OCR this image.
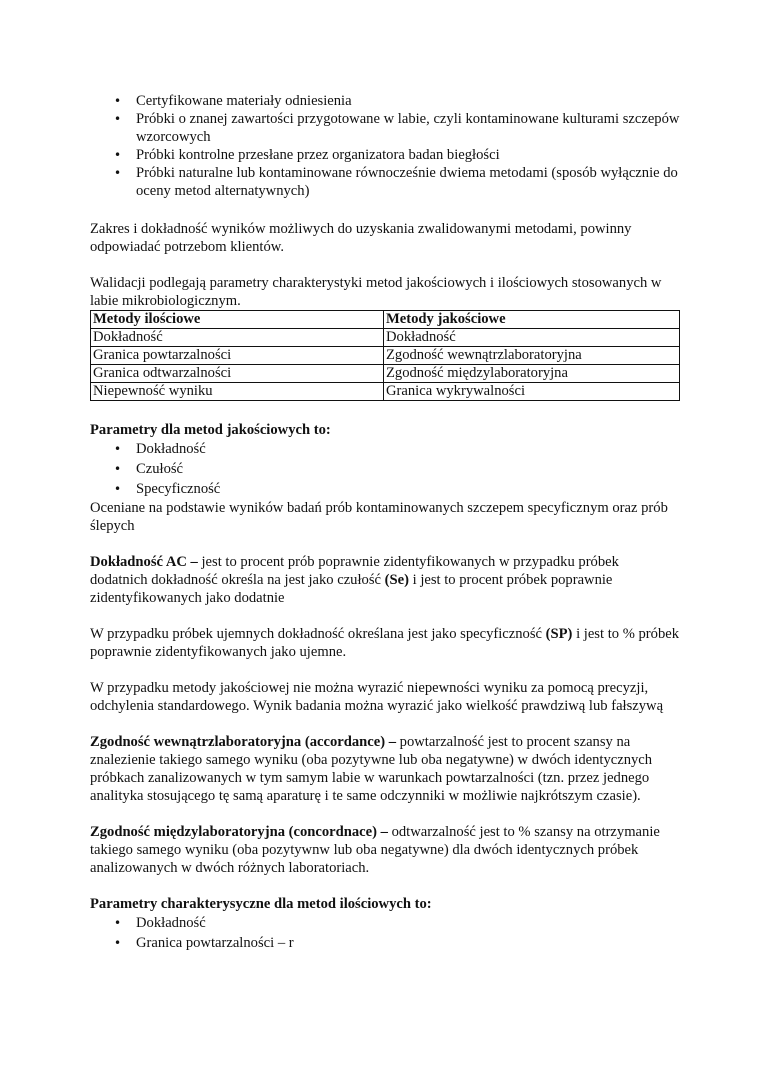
• Certyfikowane materiały odniesienia
• Próbki o znanej zawartości przygotowane w labie, czyli kontaminowane kulturami szczepów wzorcowych
• Próbki kontrolne przesłane przez organizatora badan biegłości
• Próbki naturalne lub kontaminowane równocześnie dwiema metodami (sposób wyłącznie do oceny metod alternatywnych)

Zakres i dokładność wyników możliwych do uzyskania zwalidowanymi metodami, powinny odpowiadać potrzebom klientów.

Walidacji podlegają parametry charakterystyki metod jakościowych i ilościowych stosowanych w labie mikrobiologicznym.

Metody ilościowe	Metody jakościowe
Dokładność	Dokładność
Granica powtarzalności	Zgodność wewnątrzlaboratoryjna
Granica odtwarzalności	Zgodność międzylaboratoryjna
Niepewność wyniku	Granica wykrywalności

Parametry dla metod jakościowych to:

• Dokładność
• Czułość
• Specyficzność

Oceniane na podstawie wyników badań prób kontaminowanych szczepem specyficznym oraz prób ślepych

Dokładność AC – jest to procent prób poprawnie zidentyfikowanych w przypadku próbek dodatnich dokładność określa na jest jako czułość (Se) i jest to procent próbek poprawnie zidentyfikowanych jako dodatnie

W przypadku próbek ujemnych dokładność określana jest jako specyficzność (SP) i jest to % próbek poprawnie zidentyfikowanych jako ujemne.

W przypadku metody jakościowej nie można wyrazić niepewności wyniku za pomocą precyzji, odchylenia standardowego. Wynik badania można wyrazić jako wielkość prawdziwą lub fałszywą

Zgodność wewnątrzlaboratoryjna (accordance) – powtarzalność jest to procent szansy na znalezienie takiego samego wyniku (oba pozytywne lub oba negatywne) w dwóch identycznych próbkach zanalizowanych w tym samym labie w warunkach powtarzalności (tzn. przez jednego analityka stosującego tę samą aparaturę i te same odczynniki w możliwie najkrótszym czasie).

Zgodność międzylaboratoryjna (concordnace) – odtwarzalność jest to % szansy na otrzymanie takiego samego wyniku (oba pozytywnw lub oba negatywne) dla dwóch identycznych próbek analizowanych w dwóch różnych laboratoriach.

Parametry charakterysyczne dla metod ilościowych to:

• Dokładność
• Granica powtarzalności – r
